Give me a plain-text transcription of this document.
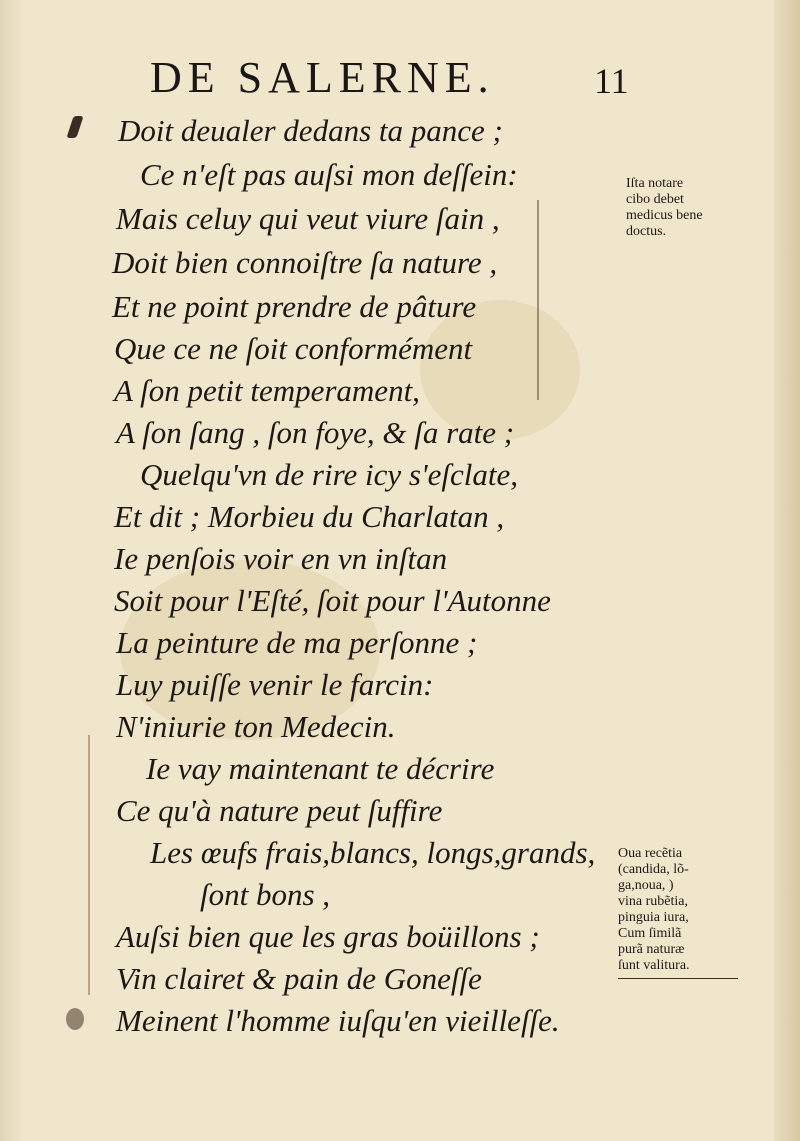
DE SALERNE.	11
Doit deualer dedans ta pance ;
Ce n'eſt pas auſsi mon deſſein:
Mais celuy qui veut viure ſain ,
Doit bien connoiſtre ſa nature ,
Et ne point prendre de pâture
Que ce ne ſoit conformément
A ſon petit temperament,
A ſon ſang , ſon foye, & ſa rate ;
Quelqu'vn de rire icy s'eſclate,
Et dit ; Morbieu du Charlatan ,
Ie penſois voir en vn inſtan
Soit pour l'Eſté, ſoit pour l'Autonne
La peinture de ma perſonne ;
Luy puiſſe venir le farcin:
N'iniurie ton Medecin.
Ie vay maintenant te décrire
Ce qu'à nature peut ſuffire
Les œufs frais,blancs, longs,grands,
ſont bons ,
Auſsi bien que les gras boüillons ;
Vin clairet & pain de Goneſſe
Meinent l'homme iuſqu'en vieilleſſe.
Iſta notare
cibo debet
medicus bene
doctus.
Oua recẽtia
(candida, lõ-
ga,noua, )
vina rubẽtia,
pinguia iura,
Cum ſimilã
purã naturæ
ſunt valitura.
